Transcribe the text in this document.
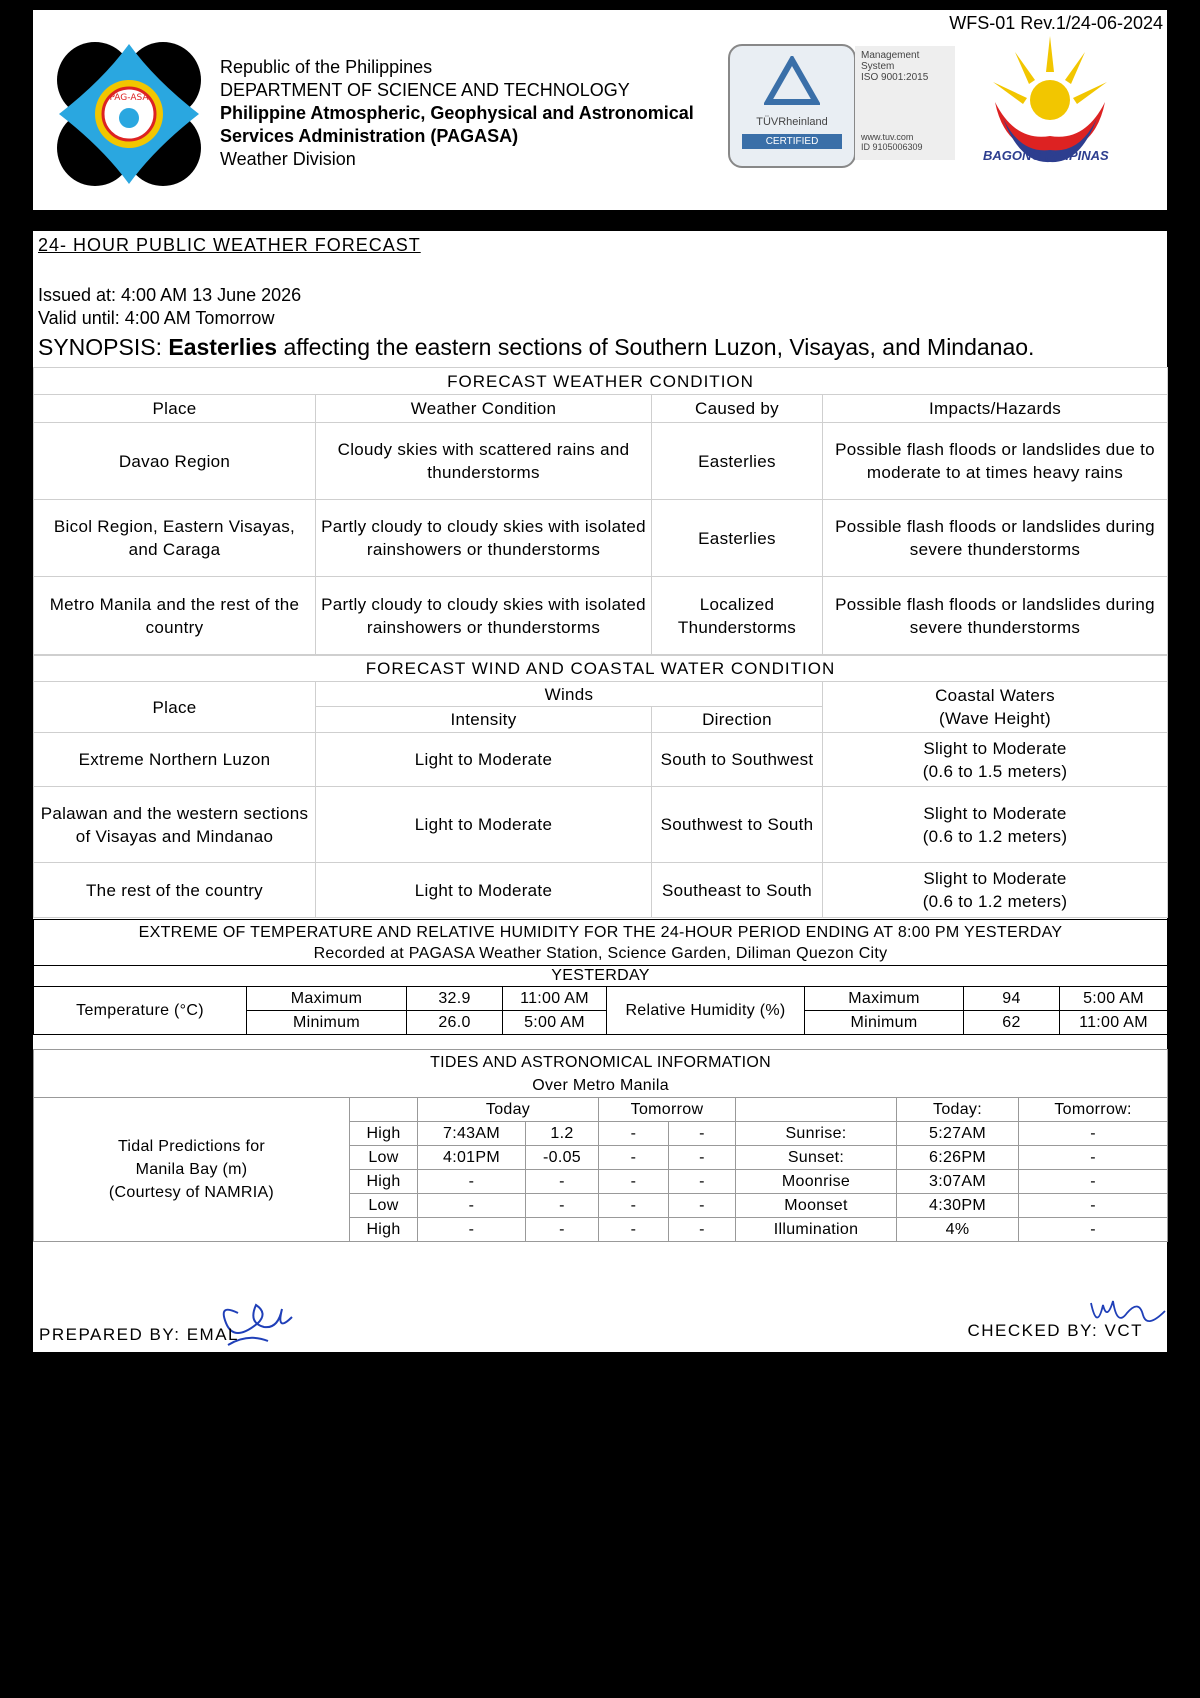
WFS-01 Rev.1/24-06-2024
PAG-ASA
Republic of the Philippines
DEPARTMENT OF SCIENCE AND TECHNOLOGY
Philippine Atmospheric, Geophysical and Astronomical
Services Administration (PAGASA)
Weather Division
TÜVRheinland
CERTIFIED
Management
System
ISO 9001:2015
www.tuv.com
ID 9105006309
BAGONG PILIPINAS
24- HOUR PUBLIC WEATHER FORECAST
Issued at: 4:00 AM 13 June 2026
Valid until: 4:00 AM Tomorrow
SYNOPSIS: Easterlies affecting the eastern sections of Southern Luzon, Visayas, and Mindanao.
FORECAST WEATHER CONDITION			
Place	Weather Condition	Caused by	Impacts/Hazards
Davao Region	Cloudy skies with scattered rains and thunderstorms	Easterlies	Possible flash floods or landslides due to moderate to at times heavy rains
Bicol Region, Eastern Visayas, and Caraga	Partly cloudy to cloudy skies with isolated rainshowers or thunderstorms	Easterlies	Possible flash floods or landslides during severe thunderstorms
Metro Manila and the rest of the country	Partly cloudy to cloudy skies with isolated rainshowers or thunderstorms	Localized Thunderstorms	Possible flash floods or landslides during severe thunderstorms
FORECAST WIND AND COASTAL WATER CONDITION			
Place	Winds		Coastal Waters
(Wave Height)

	Intensity	Direction	
Extreme Northern Luzon	Light to Moderate	South to Southwest	Slight to Moderate
(0.6 to 1.5 meters)

Palawan and the western sections of Visayas and Mindanao	Light to Moderate	Southwest to South	Slight to Moderate
(0.6 to 1.2 meters)

The rest of the country	Light to Moderate	Southeast to South	Slight to Moderate
(0.6 to 1.2 meters)
EXTREME OF TEMPERATURE AND RELATIVE HUMIDITY FOR THE 24-HOUR PERIOD ENDING AT 8:00 PM YESTERDAY
Recorded at PAGASA Weather Station, Science Garden, Diliman Quezon City							

YESTERDAY							
Temperature (°C)	Maximum	32.9	11:00 AM	Relative Humidity (%)	Maximum	94	5:00 AM
	Minimum	26.0	5:00 AM		Minimum	62	11:00 AM
TIDES AND ASTRONOMICAL INFORMATION
Over Metro Manila								

Tidal Predictions for Manila Bay (m) (Courtesy of NAMRIA)		Today		Tomorrow			Today:	Tomorrow:
	High	7:43AM	1.2	-	-	Sunrise:	5:27AM	-
	Low	4:01PM	-0.05	-	-	Sunset:	6:26PM	-
	High	-	-	-	-	Moonrise	3:07AM	-
	Low	-	-	-	-	Moonset	4:30PM	-
	High	-	-	-	-	Illumination	4%	-
PREPARED BY: EMAL	CHECKED BY: VCT
